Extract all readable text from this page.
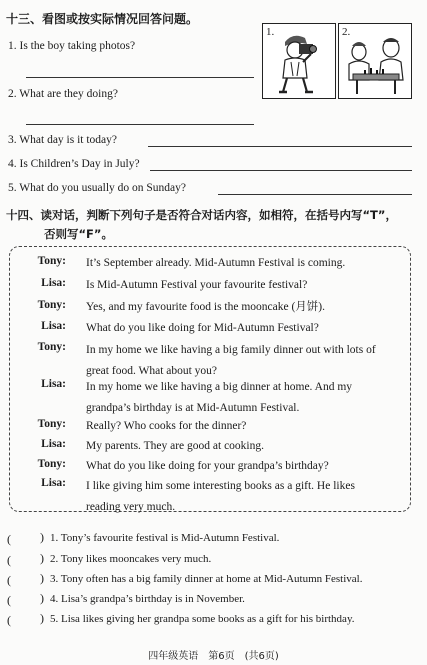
十三、看图或按实际情况回答问题。
1. Is the boy taking photos?
2. What are they doing?
1.	2.
3. What day is it today?
4. Is Children’s Day in July?
5. What do you usually do on Sunday?
十四、读对话，判断下列句子是否符合对话内容，如相符，在括号内写“T”，
否则写“F”。
Tony: It’s September already. Mid-Autumn Festival is coming.
Lisa: Is Mid-Autumn Festival your favourite festival?
Tony: Yes, and my favourite food is the mooncake (月饼).
Lisa: What do you like doing for Mid-Autumn Festival?
Tony: In my home we like having a big family dinner out with lots of great food. What about you?
Lisa: In my home we like having a big dinner at home. And my grandpa’s birthday is at Mid-Autumn Festival.
Tony: Really? Who cooks for the dinner?
Lisa: My parents. They are good at cooking.
Tony: What do you like doing for your grandpa’s birthday?
Lisa: I like giving him some interesting books as a gift. He likes reading very much.
( ) 1. Tony’s favourite festival is Mid-Autumn Festival.
( ) 2. Tony likes mooncakes very much.
( ) 3. Tony often has a big family dinner at home at Mid-Autumn Festival.
( ) 4. Lisa’s grandpa’s birthday is in November.
( ) 5. Lisa likes giving her grandpa some books as a gift for his birthday.
四年级英语　第6页　(共6页)
